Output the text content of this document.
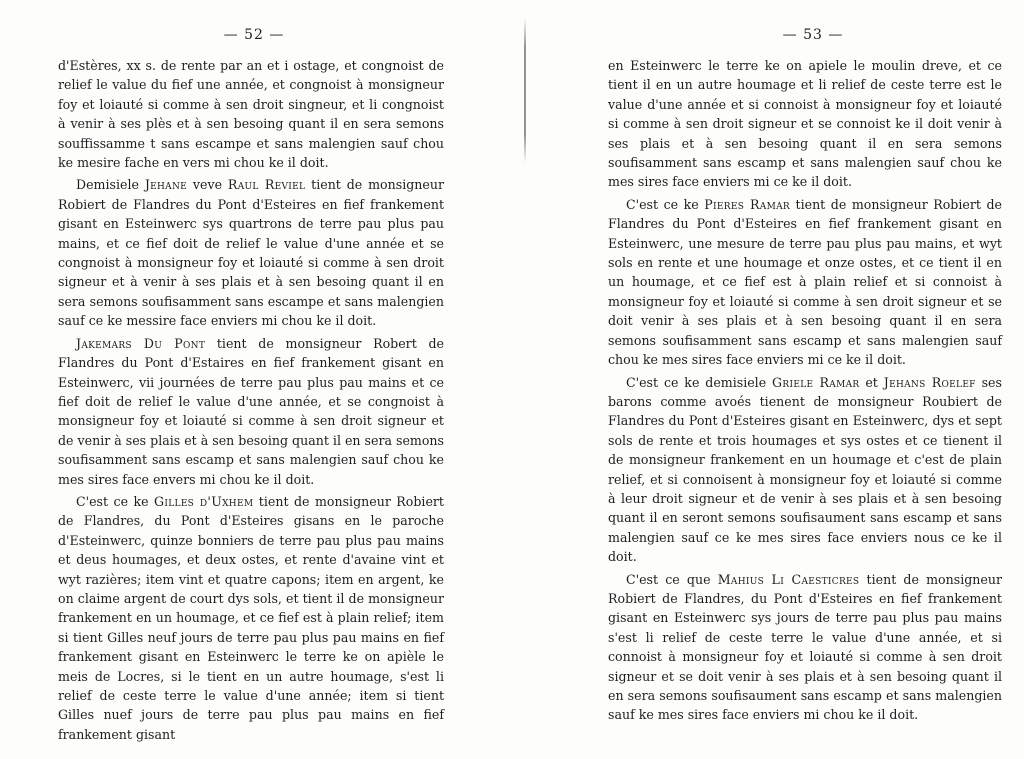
— 52 —

d'Estères, xx s. de rente par an et i ostage, et congnoist de relief le value du fief une année, et congnoist à monsigneur foy et loiauté si comme à sen droit singneur, et li congnoist à venir à ses plès et à sen besoing quant il en sera semons souffissamme t sans escampe et sans malengien sauf chou ke mesire fache en vers mi chou ke il doit.

Demisiele Jehane veve Raul Reviel tient de monsigneur Robiert de Flandres du Pont d'Esteires en fief frankement gisant en Esteinwerc sys quartrons de terre pau plus pau mains, et ce fief doit de relief le value d'une année et se congnoist à monsigneur foy et loiauté si comme à sen droit signeur et à venir à ses plais et à sen besoing quant il en sera semons soufisamment sans escampe et sans malengien sauf ce ke messire face enviers mi chou ke il doit.

Jakemars Du Pont tient de monsigneur Robert de Flandres du Pont d'Estaires en fief frankement gisant en Esteinwerc, vii journées de terre pau plus pau mains et ce fief doit de relief le value d'une année, et se congnoist à monsigneur foy et loiauté si comme à sen droit signeur et de venir à ses plais et à sen besoing quant il en sera semons soufisamment sans escamp et sans malengien sauf chou ke mes sires face envers mi chou ke il doit.

C'est ce ke Gilles d'Uxhem tient de monsigneur Robiert de Flandres, du Pont d'Esteires gisans en le paroche d'Esteinwerc, quinze bonniers de terre pau plus pau mains et deus houmages, et deux ostes, et rente d'avaine vint et wyt razières; item vint et quatre capons; item en argent, ke on claime argent de court dys sols, et tient il de monsigneur frankement en un houmage, et ce fief est à plain relief; item si tient Gilles neuf jours de terre pau plus pau mains en fief frankement gisant en Esteinwerc le terre ke on apièle le meis de Locres, si le tient en un autre houmage, s'est li relief de ceste terre le value d'une année; item si tient Gilles nuef jours de terre pau plus pau mains en fief frankement gisant

— 53 —

en Esteinwerc le terre ke on apiele le moulin dreve, et ce tient il en un autre houmage et li relief de ceste terre est le value d'une année et si connoist à monsigneur foy et loiauté si comme à sen droit signeur et se connoist ke il doit venir à ses plais et à sen besoing quant il en sera semons soufisamment sans escamp et sans malengien sauf chou ke mes sires face enviers mi ce ke il doit.

C'est ce ke Pieres Ramar tient de monsigneur Robiert de Flandres du Pont d'Esteires en fief frankement gisant en Esteinwerc, une mesure de terre pau plus pau mains, et wyt sols en rente et une houmage et onze ostes, et ce tient il en un houmage, et ce fief est à plain relief et si connoist à monsigneur foy et loiauté si comme à sen droit signeur et se doit venir à ses plais et à sen besoing quant il en sera semons soufisamment sans escamp et sans malengien sauf chou ke mes sires face enviers mi ce ke il doit.

C'est ce ke demisiele Griele Ramar et Jehans Roelef ses barons comme avoés tienent de monsigneur Roubiert de Flandres du Pont d'Esteires gisant en Esteinwerc, dys et sept sols de rente et trois houmages et sys ostes et ce tienent il de monsigneur frankement en un houmage et c'est de plain relief, et si connoisent à monsigneur foy et loiauté si comme à leur droit signeur et de venir à ses plais et à sen besoing quant il en seront semons soufisaument sans escamp et sans malengien sauf ce ke mes sires face enviers nous ce ke il doit.

C'est ce que Mahius Li Caesticres tient de monsigneur Robiert de Flandres, du Pont d'Esteires en fief frankement gisant en Esteinwerc sys jours de terre pau plus pau mains s'est li relief de ceste terre le value d'une année, et si connoist à monsigneur foy et loiauté si comme à sen droit signeur et se doit venir à ses plais et à sen besoing quant il en sera semons soufisaument sans escamp et sans malengien sauf ke mes sires face enviers mi chou ke il doit.
